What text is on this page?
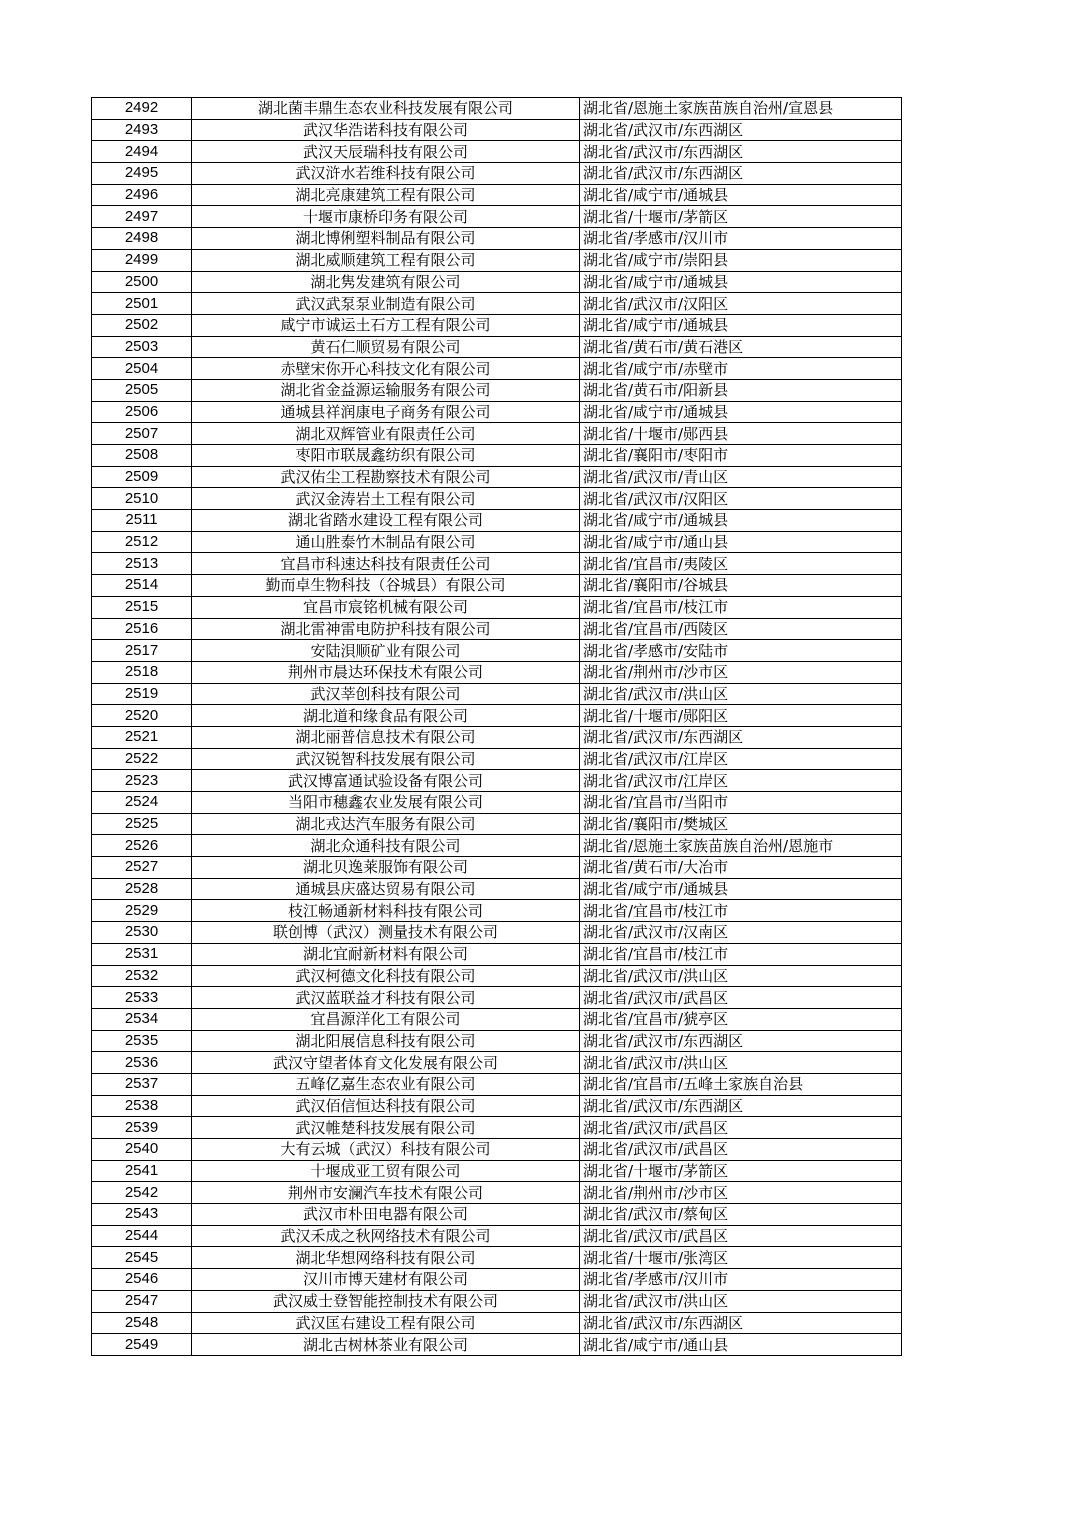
2492	湖北菌丰鼎生态农业科技发展有限公司	湖北省/恩施土家族苗族自治州/宣恩县
2493	武汉华浩诺科技有限公司	湖北省/武汉市/东西湖区
2494	武汉天辰瑞科技有限公司	湖北省/武汉市/东西湖区
2495	武汉浒水若维科技有限公司	湖北省/武汉市/东西湖区
2496	湖北亮康建筑工程有限公司	湖北省/咸宁市/通城县
2497	十堰市康桥印务有限公司	湖北省/十堰市/茅箭区
2498	湖北博俐塑料制品有限公司	湖北省/孝感市/汉川市
2499	湖北威顺建筑工程有限公司	湖北省/咸宁市/崇阳县
2500	湖北隽发建筑有限公司	湖北省/咸宁市/通城县
2501	武汉武泵泵业制造有限公司	湖北省/武汉市/汉阳区
2502	咸宁市诚运土石方工程有限公司	湖北省/咸宁市/通城县
2503	黄石仁顺贸易有限公司	湖北省/黄石市/黄石港区
2504	赤壁宋你开心科技文化有限公司	湖北省/咸宁市/赤壁市
2505	湖北省金益源运输服务有限公司	湖北省/黄石市/阳新县
2506	通城县祥润康电子商务有限公司	湖北省/咸宁市/通城县
2507	湖北双辉管业有限责任公司	湖北省/十堰市/郧西县
2508	枣阳市联晟鑫纺织有限公司	湖北省/襄阳市/枣阳市
2509	武汉佑尘工程勘察技术有限公司	湖北省/武汉市/青山区
2510	武汉金涛岩土工程有限公司	湖北省/武汉市/汉阳区
2511	湖北省踏水建设工程有限公司	湖北省/咸宁市/通城县
2512	通山胜泰竹木制品有限公司	湖北省/咸宁市/通山县
2513	宜昌市科速达科技有限责任公司	湖北省/宜昌市/夷陵区
2514	勤而卓生物科技（谷城县）有限公司	湖北省/襄阳市/谷城县
2515	宜昌市宸铭机械有限公司	湖北省/宜昌市/枝江市
2516	湖北雷神雷电防护科技有限公司	湖北省/宜昌市/西陵区
2517	安陆浿顺矿业有限公司	湖北省/孝感市/安陆市
2518	荆州市晨达环保技术有限公司	湖北省/荆州市/沙市区
2519	武汉莘创科技有限公司	湖北省/武汉市/洪山区
2520	湖北道和缘食品有限公司	湖北省/十堰市/郧阳区
2521	湖北丽普信息技术有限公司	湖北省/武汉市/东西湖区
2522	武汉锐智科技发展有限公司	湖北省/武汉市/江岸区
2523	武汉博富通试验设备有限公司	湖北省/武汉市/江岸区
2524	当阳市穗鑫农业发展有限公司	湖北省/宜昌市/当阳市
2525	湖北戎达汽车服务有限公司	湖北省/襄阳市/樊城区
2526	湖北众通科技有限公司	湖北省/恩施土家族苗族自治州/恩施市
2527	湖北贝逸莱服饰有限公司	湖北省/黄石市/大冶市
2528	通城县庆盛达贸易有限公司	湖北省/咸宁市/通城县
2529	枝江畅通新材料科技有限公司	湖北省/宜昌市/枝江市
2530	联创博（武汉）测量技术有限公司	湖北省/武汉市/汉南区
2531	湖北宜耐新材料有限公司	湖北省/宜昌市/枝江市
2532	武汉柯德文化科技有限公司	湖北省/武汉市/洪山区
2533	武汉蓝联益才科技有限公司	湖北省/武汉市/武昌区
2534	宜昌源洋化工有限公司	湖北省/宜昌市/猇亭区
2535	湖北阳展信息科技有限公司	湖北省/武汉市/东西湖区
2536	武汉守望者体育文化发展有限公司	湖北省/武汉市/洪山区
2537	五峰亿嘉生态农业有限公司	湖北省/宜昌市/五峰土家族自治县
2538	武汉佰信恒达科技有限公司	湖北省/武汉市/东西湖区
2539	武汉帷楚科技发展有限公司	湖北省/武汉市/武昌区
2540	大有云城（武汉）科技有限公司	湖北省/武汉市/武昌区
2541	十堰成亚工贸有限公司	湖北省/十堰市/茅箭区
2542	荆州市安澜汽车技术有限公司	湖北省/荆州市/沙市区
2543	武汉市朴田电器有限公司	湖北省/武汉市/蔡甸区
2544	武汉禾成之秋网络技术有限公司	湖北省/武汉市/武昌区
2545	湖北华想网络科技有限公司	湖北省/十堰市/张湾区
2546	汉川市博天建材有限公司	湖北省/孝感市/汉川市
2547	武汉威士登智能控制技术有限公司	湖北省/武汉市/洪山区
2548	武汉匡右建设工程有限公司	湖北省/武汉市/东西湖区
2549	湖北古树林茶业有限公司	湖北省/咸宁市/通山县
